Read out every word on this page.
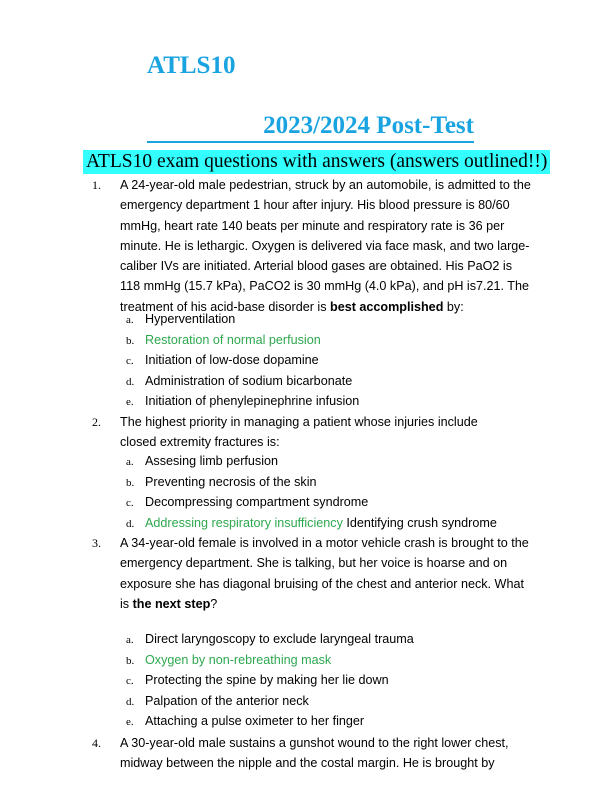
ATLS10
2023/2024 Post-Test
ATLS10 exam questions with answers (answers outlined!!)
1.	A 24-year-old male pedestrian, struck by an automobile, is admitted to the emergency department 1 hour after injury. His blood pressure is 80/60 mmHg, heart rate 140 beats per minute and respiratory rate is 36 per minute. He is lethargic. Oxygen is delivered via face mask, and two large-caliber IVs are initiated. Arterial blood gases are obtained. His PaO2 is 118 mmHg (15.7 kPa), PaCO2 is 30 mmHg (4.0 kPa), and pH is7.21. The treatment of his acid-base disorder is best accomplished by:

a. Hyperventilation
b. Restoration of normal perfusion
c. Initiation of low-dose dopamine
d. Administration of sodium bicarbonate
e. Initiation of phenylepinephrine infusion
2.	The highest priority in managing a patient whose injuries include
closed extremity fractures is:

a. Assesing limb perfusion
b. Preventing necrosis of the skin
c. Decompressing compartment syndrome
d. Addressing respiratory insufficiency Identifying crush syndrome
3.	A 34-year-old female is involved in a motor vehicle crash is brought to the emergency department. She is talking, but her voice is hoarse and on exposure she has diagonal bruising of the chest and anterior neck. What is the next step?

a. Direct laryngoscopy to exclude laryngeal trauma
b. Oxygen by non-rebreathing mask
c. Protecting the spine by making her lie down
d. Palpation of the anterior neck
e. Attaching a pulse oximeter to her finger
4.	A 30-year-old male sustains a gunshot wound to the right lower chest, midway between the nipple and the costal margin. He is brought by
